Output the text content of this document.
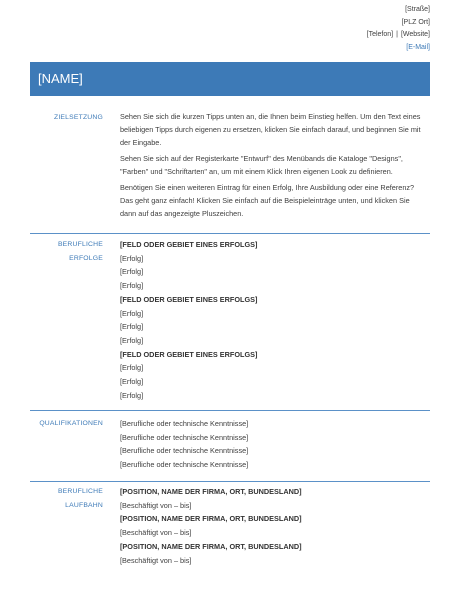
[Straße]
[PLZ Ort]
[Telefon] | [Website]
[E-Mail]
[NAME]
ZIELSETZUNG Sehen Sie sich die kurzen Tipps unten an, die Ihnen beim Einstieg helfen. Um den Text eines
beliebigen Tipps durch eigenen zu ersetzen, klicken Sie einfach darauf, und beginnen Sie mit
der Eingabe.
Sehen Sie sich auf der Registerkarte "Entwurf" des Menübands die Kataloge "Designs",
"Farben" und "Schriftarten" an, um mit einem Klick Ihren eigenen Look zu definieren.
Benötigen Sie einen weiteren Eintrag für einen Erfolg, Ihre Ausbildung oder eine Referenz?
Das geht ganz einfach! Klicken Sie einfach auf die Beispieleinträge unten, und klicken Sie
dann auf das angezeigte Pluszeichen.
BERUFLICHE
ERFOLGE
[FELD ODER GEBIET EINES ERFOLGS]
[Erfolg]
[Erfolg]
[Erfolg]
[FELD ODER GEBIET EINES ERFOLGS]
[Erfolg]
[Erfolg]
[Erfolg]
[FELD ODER GEBIET EINES ERFOLGS]
[Erfolg]
[Erfolg]
[Erfolg]
QUALIFIKATIONEN [Berufliche oder technische Kenntnisse]
[Berufliche oder technische Kenntnisse]
[Berufliche oder technische Kenntnisse]
[Berufliche oder technische Kenntnisse]
BERUFLICHE
LAUFBAHN
[POSITION, NAME DER FIRMA, ORT, BUNDESLAND]
[Beschäftigt von – bis]
[POSITION, NAME DER FIRMA, ORT, BUNDESLAND]
[Beschäftigt von – bis]
[POSITION, NAME DER FIRMA, ORT, BUNDESLAND]
[Beschäftigt von – bis]
